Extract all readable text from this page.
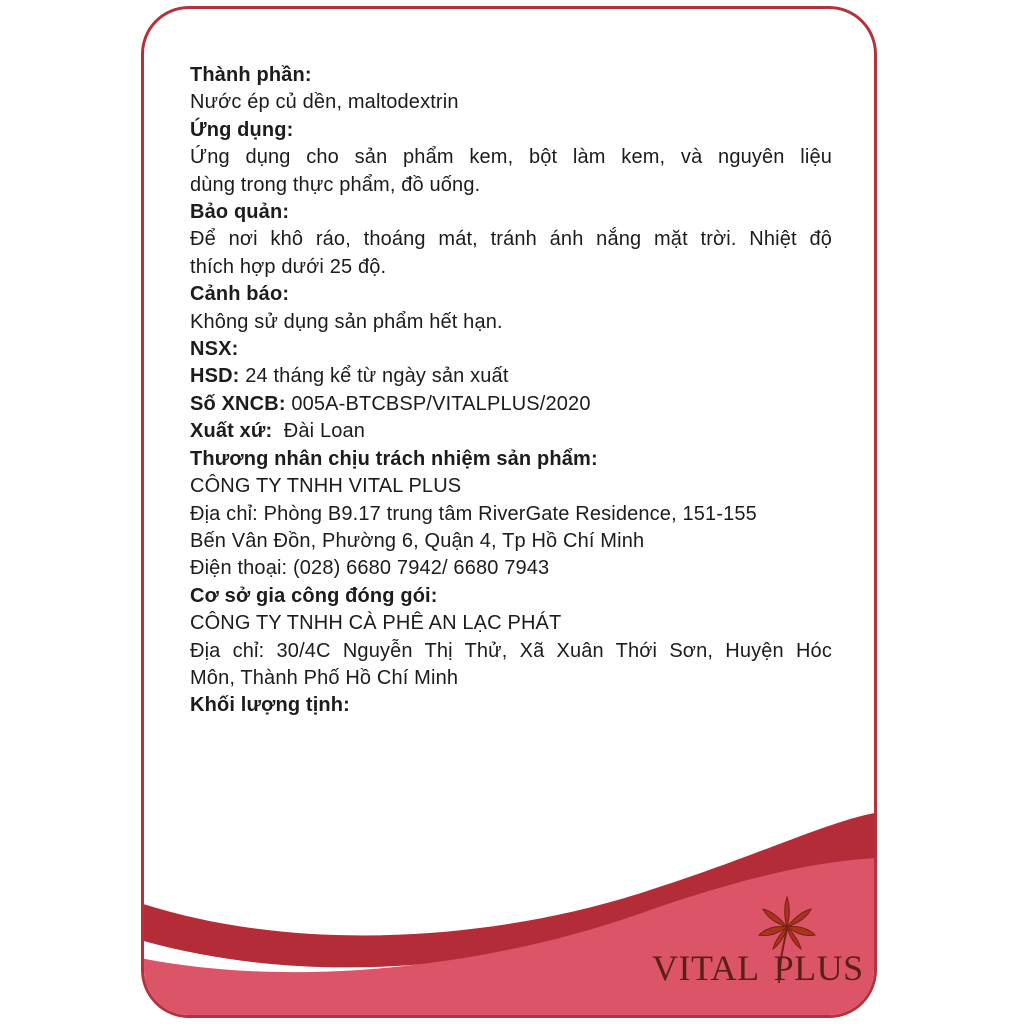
Thành phần:
Nước ép củ dền, maltodextrin
Ứng dụng:
Ứng dụng cho sản phẩm kem, bột làm kem, và nguyên liệu
dùng trong thực phẩm, đồ uống.
Bảo quản:
Để nơi khô ráo, thoáng mát, tránh ánh nắng mặt trời. Nhiệt độ
thích hợp dưới 25 độ.
Cảnh báo:
Không sử dụng sản phẩm hết hạn.
NSX:
HSD: 24 tháng kể từ ngày sản xuất
Số XNCB: 005A-BTCBSP/VITALPLUS/2020
Xuất xứ:  Đài Loan
Thương nhân chịu trách nhiệm sản phẩm:
CÔNG TY TNHH VITAL PLUS
Địa chỉ: Phòng B9.17 trung tâm RiverGate Residence, 151-155
Bến Vân Đồn, Phường 6, Quận 4, Tp Hồ Chí Minh
Điện thoại: (028) 6680 7942/ 6680 7943
Cơ sở gia công đóng gói:
CÔNG TY TNHH CÀ PHÊ AN LẠC PHÁT
Địa chỉ: 30/4C Nguyễn Thị Thử, Xã Xuân Thới Sơn, Huyện Hóc
Môn, Thành Phố Hồ Chí Minh
Khối lượng tịnh:
VITAL PLUS
